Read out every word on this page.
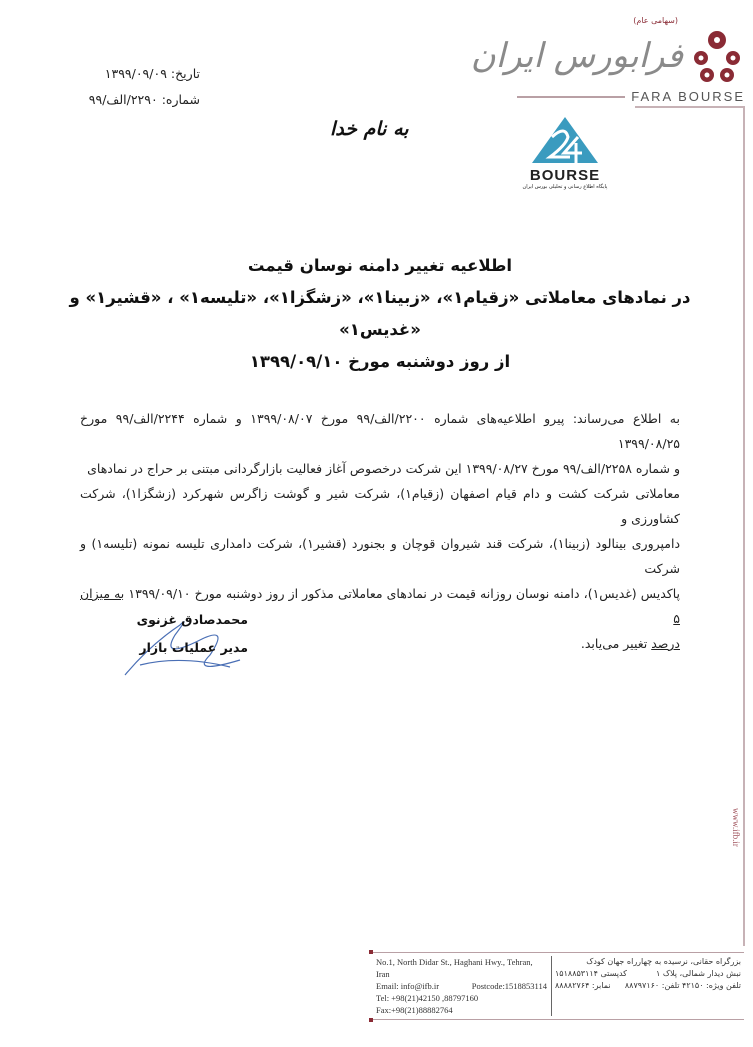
تاریخ: ۱۳۹۹/۰۹/۰۹
شماره: ۲۲۹۰/الف/۹۹
(سهامی عام)
فرابورس ایران
FARA BOURSE
www.ifb.ir
به نام خدا
BOURSE
پایگاه اطلاع رسانی و تحلیلی بورس ایران
اطلاعیه تغییر دامنه نوسان قیمت
در نمادهای معاملاتی «زقیام۱»، «زبینا۱»، «زشگزا۱»، «تلیسه۱» ، «قشیر۱» و «غدیس۱»
از روز دوشنبه مورخ ۱۳۹۹/۰۹/۱۰
به اطلاع می‌رساند: پیرو اطلاعیه‌های شماره ۲۲۰۰/الف/۹۹ مورخ ۱۳۹۹/۰۸/۰۷ و شماره ۲۲۴۴/الف/۹۹ مورخ ۱۳۹۹/۰۸/۲۵
و شماره ۲۲۵۸/الف/۹۹ مورخ ۱۳۹۹/۰۸/۲۷ این شرکت درخصوص آغاز فعالیت بازارگردانی مبتنی بر حراج در نمادهای
معاملاتی شرکت کشت و دام قیام اصفهان (زقیام۱)، شرکت شیر و گوشت زاگرس شهرکرد (زشگزا۱)، شرکت کشاورزی و
دامپروری بینالود (زبینا۱)، شرکت قند شیروان قوچان و بجنورد (قشیر۱)، شرکت دامداری تلیسه نمونه (تلیسه۱) و شرکت
پاکدیس (غدیس۱)، دامنه نوسان روزانه قیمت در نمادهای معاملاتی مذکور از روز دوشنبه مورخ ۱۳۹۹/۰۹/۱۰ به میزان ۵
درصد تغییر می‌یابد.
محمدصادق غزنوی
مدیر عملیات بازار
No.1, North Didar St., Haghani Hwy., Tehran, Iran
Email: info@ifb.ir	Postcode:1518853114
Tel: +98(21)42150 ,88797160
Fax:+98(21)88882764
بزرگراه حقانی، نرسیده به چهارراه جهان کودک
نبش دیدار شمالی، پلاک ۱
کدپستی ۱۵۱۸۸۵۳۱۱۴
تلفن ویژه: ۴۲۱۵۰ تلفن: ۸۸۷۹۷۱۶۰
نمابر: ۸۸۸۸۲۷۶۴
